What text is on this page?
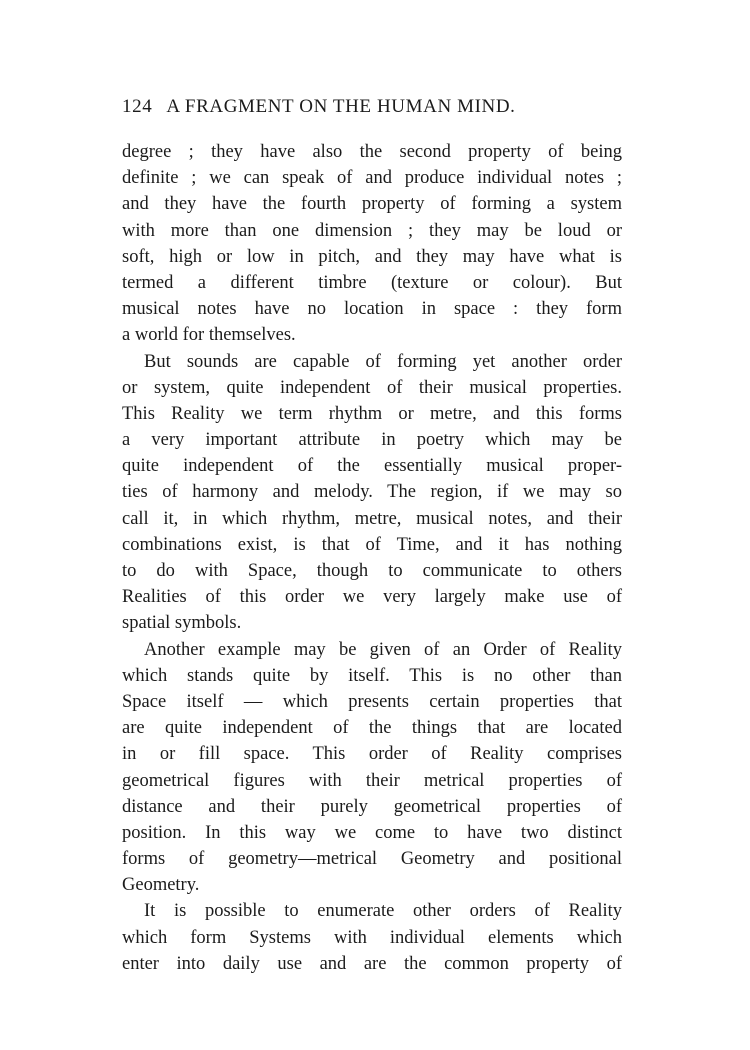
124 A FRAGMENT ON THE HUMAN MIND.
degree ; they have also the second property of being
definite ; we can speak of and produce individual notes ;
and they have the fourth property of forming a system
with more than one dimension ; they may be loud or
soft, high or low in pitch, and they may have what is
termed a different timbre (texture or colour). But
musical notes have no location in space : they form
a world for themselves.
But sounds are capable of forming yet another order
or system, quite independent of their musical properties.
This Reality we term rhythm or metre, and this forms
a very important attribute in poetry which may be
quite independent of the essentially musical proper-
ties of harmony and melody. The region, if we may so
call it, in which rhythm, metre, musical notes, and their
combinations exist, is that of Time, and it has nothing
to do with Space, though to communicate to others
Realities of this order we very largely make use of
spatial symbols.
Another example may be given of an Order of Reality
which stands quite by itself. This is no other than
Space itself — which presents certain properties that
are quite independent of the things that are located
in or fill space. This order of Reality comprises
geometrical figures with their metrical properties of
distance and their purely geometrical properties of
position. In this way we come to have two distinct
forms of geometry—metrical Geometry and positional
Geometry.
It is possible to enumerate other orders of Reality
which form Systems with individual elements which
enter into daily use and are the common property of
